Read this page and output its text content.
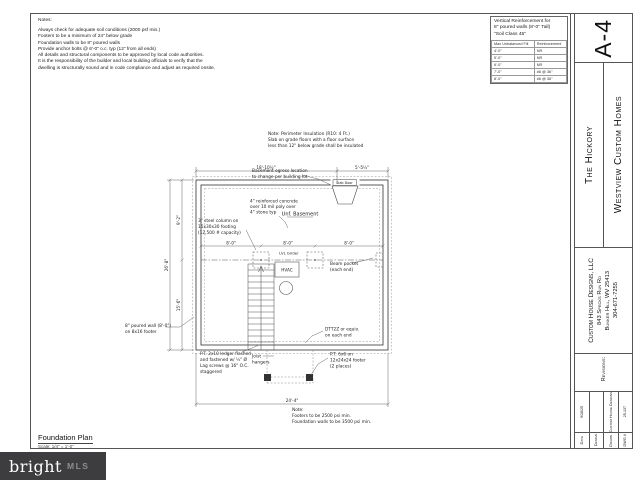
Notes:
Always check for adequate soil conditions (2000 psf min.)
Footers to be a minimum of 24" below grade
Foundation walls to be 8" poured walls
Provide anchor bolts @ 6'-0" o.c. typ (12" from all ends)
All details and structural components to be approved by local code authorities.
It is the responsibility of the builder and local building officials to verify that the
dwelling is structurally sound and in code compliance and adjust as required onsite.
Vertical Reinforcement for
8" poured walls (8'-0" Tall)
"Soil Class 45"
Max Unbalanced Fill	Reinforcement
4'-0"	NR
5'-0"	NR
6'-0"	NR
7'-0"	#6 @ 36"
8'-0"	#6 @ 36"
A-4
The Hickory Westview Custom Homes
Custom House Designs, LLC 843 Specks Run Rd Bunker Hill, WV 25413 304-671-7255
Revisions:
9/18/25
Date	Design
Custom House Designs
Drawn
25-137
DWG #
Slab Door
HVAC
18'-10½"	5'-5½"
26'-8"
9'-2"
15'-6"
24'-4"
8'-0"	8'-0"	8'-0"
Note: Perimeter Insulation (R10: 4 Ft.)
Slab on grade floors with a floor surface
less than 12" below grade shall be insulated
Basement egress location
to change per building lot
4" reinforced concrete
over 10 mil poly over
4" stone typ Unf. Basement
3" steel column on
15x30x30 footing
(12,500 # capacity)
LVL Girder
Beam pocket
(each end)
8" poured wall (8'-0")
on 8x16 footer
P.T. 2x10 ledger flashed
and fastened w/ ½" Ø
Lag screws @ 16" O.C.
staggered
Joist
hangers
DTT2Z or equiv.
on each end
P.T. 6x6 on
12x24x24 footer
(2 places)
Note:
Footers to be 2500 psi min.
Foundation walls to be 3500 psi min.
Foundation Plan
Scale: 1/4" = 1'-0"
bright MLS
